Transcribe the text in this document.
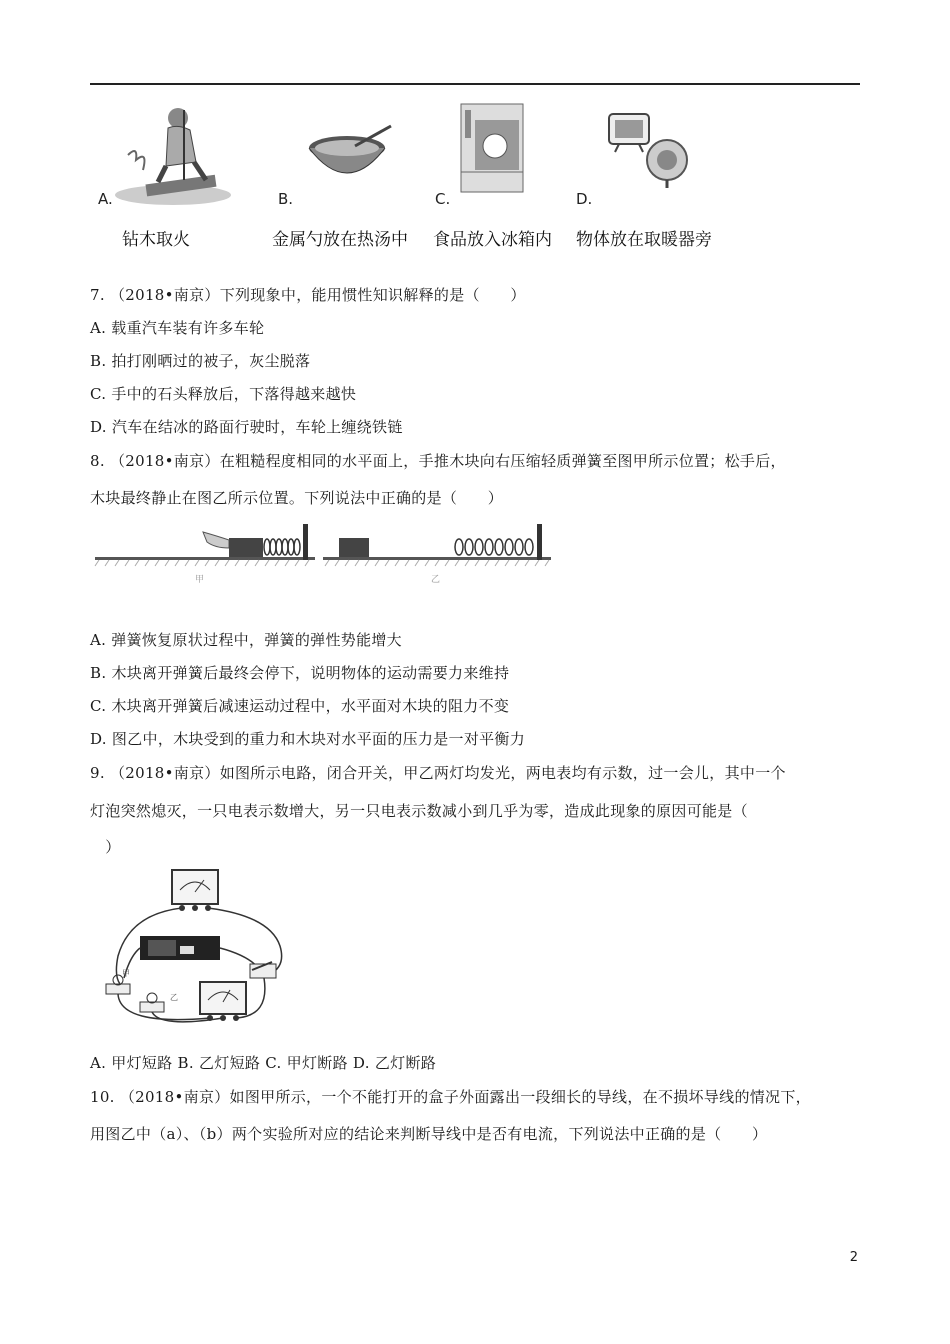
A.	B.	C.	D.
钻木取火	金属勺放在热汤中 食品放入冰箱内 物体放在取暖器旁
7. （2018•南京）下列现象中，能用惯性知识解释的是（　　）
A. 载重汽车装有许多车轮
B. 拍打刚晒过的被子，灰尘脱落
C. 手中的石头释放后，下落得越来越快
D. 汽车在结冰的路面行驶时，车轮上缠绕铁链
8. （2018•南京）在粗糙程度相同的水平面上，手推木块向右压缩轻质弹簧至图甲所示位置；松手后，
木块最终静止在图乙所示位置。下列说法中正确的是（　　）
甲	乙
A. 弹簧恢复原状过程中，弹簧的弹性势能增大
B. 木块离开弹簧后最终会停下，说明物体的运动需要力来维持
C. 木块离开弹簧后减速运动过程中，水平面对木块的阻力不变
D. 图乙中，木块受到的重力和木块对水平面的压力是一对平衡力
9. （2018•南京）如图所示电路，闭合开关，甲乙两灯均发光，两电表均有示数，过一会儿，其中一个
灯泡突然熄灭，一只电表示数增大，另一只电表示数减小到几乎为零，造成此现象的原因可能是（
　）
甲
乙
A. 甲灯短路 B. 乙灯短路 C. 甲灯断路 D. 乙灯断路
10. （2018•南京）如图甲所示，一个不能打开的盒子外面露出一段细长的导线，在不损坏导线的情况下，
用图乙中（a）、（b）两个实验所对应的结论来判断导线中是否有电流，下列说法中正确的是（　　）
2
